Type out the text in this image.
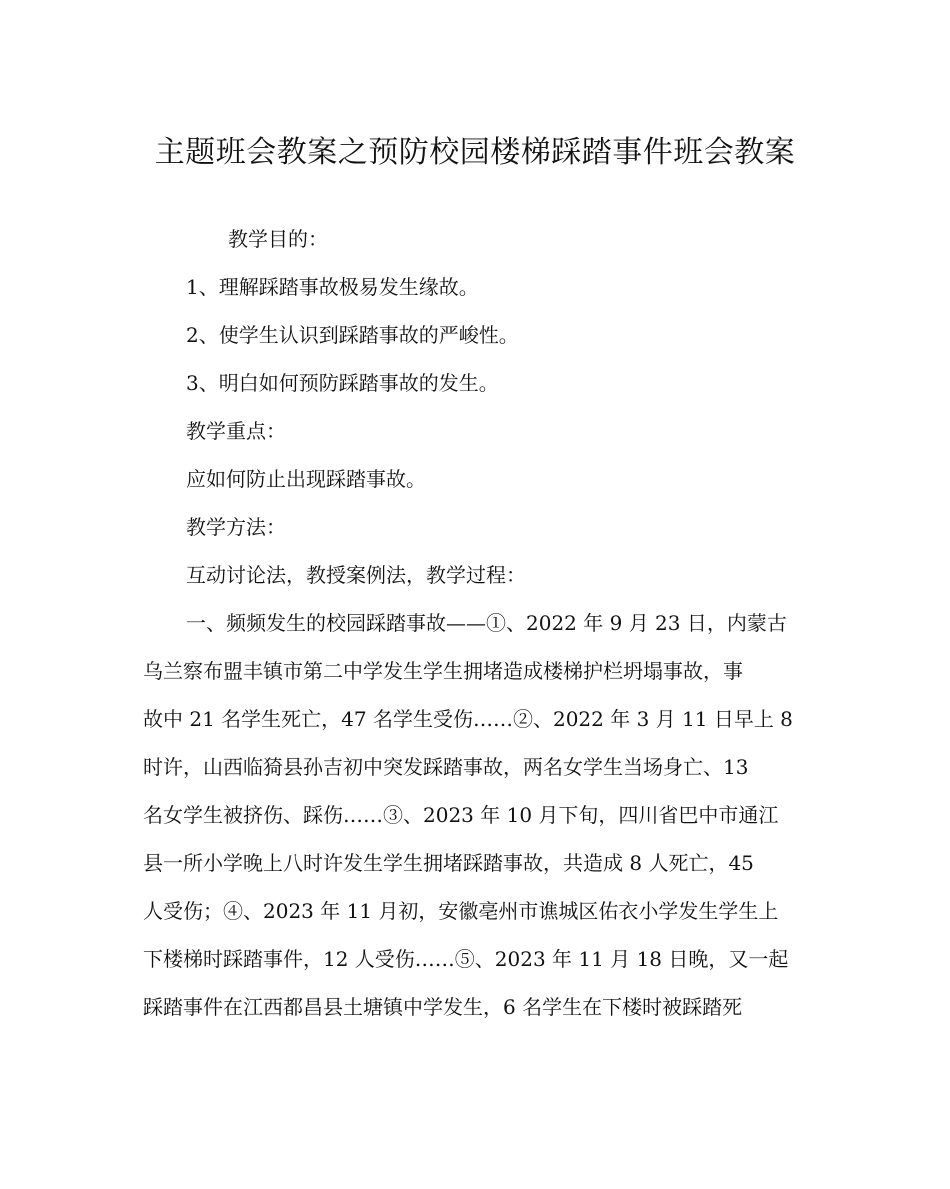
主题班会教案之预防校园楼梯踩踏事件班会教案

教学目的：

1、理解踩踏事故极易发生缘故。

2、使学生认识到踩踏事故的严峻性。

3、明白如何预防踩踏事故的发生。

教学重点：

应如何防止出现踩踏事故。

教学方法：

互动讨论法，教授案例法，教学过程：

一、频频发生的校园踩踏事故——①、2022 年 9 月 23 日，内蒙古

乌兰察布盟丰镇市第二中学发生学生拥堵造成楼梯护栏坍塌事故，事

故中 21 名学生死亡，47 名学生受伤……②、2022 年 3 月 11 日早上 8

时许，山西临猗县孙吉初中突发踩踏事故，两名女学生当场身亡、13

名女学生被挤伤、踩伤……③、2023 年 10 月下旬，四川省巴中市通江

县一所小学晚上八时许发生学生拥堵踩踏事故，共造成 8 人死亡，45

人受伤；④、2023 年 11 月初，安徽亳州市谯城区佑衣小学发生学生上

下楼梯时踩踏事件，12 人受伤……⑤、2023 年 11 月 18 日晚，又一起

踩踏事件在江西都昌县土塘镇中学发生，6 名学生在下楼时被踩踏死
